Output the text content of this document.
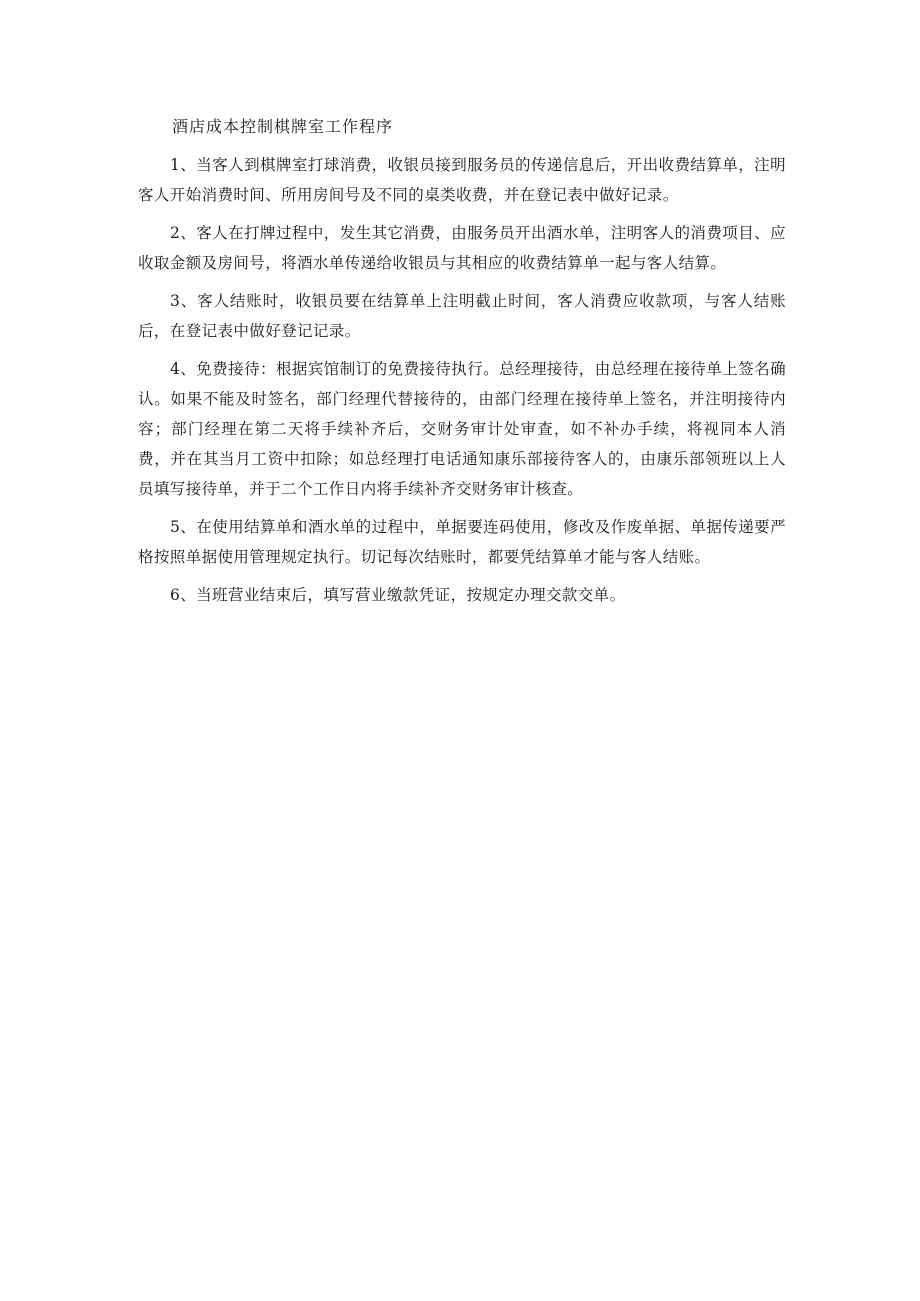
酒店成本控制棋牌室工作程序

1、当客人到棋牌室打球消费，收银员接到服务员的传递信息后，开出收费结算单，注明客人开始消费时间、所用房间号及不同的桌类收费，并在登记表中做好记录。

2、客人在打牌过程中，发生其它消费，由服务员开出酒水单，注明客人的消费项目、应收取金额及房间号，将酒水单传递给收银员与其相应的收费结算单一起与客人结算。

3、客人结账时，收银员要在结算单上注明截止时间，客人消费应收款项，与客人结账后，在登记表中做好登记记录。

4、免费接待：根据宾馆制订的免费接待执行。总经理接待，由总经理在接待单上签名确认。如果不能及时签名，部门经理代替接待的，由部门经理在接待单上签名，并注明接待内容；部门经理在第二天将手续补齐后，交财务审计处审查，如不补办手续，将视同本人消费，并在其当月工资中扣除；如总经理打电话通知康乐部接待客人的，由康乐部领班以上人员填写接待单，并于二个工作日内将手续补齐交财务审计核查。

5、在使用结算单和酒水单的过程中，单据要连码使用，修改及作废单据、单据传递要严格按照单据使用管理规定执行。切记每次结账时，都要凭结算单才能与客人结账。

6、当班营业结束后，填写营业缴款凭证，按规定办理交款交单。
